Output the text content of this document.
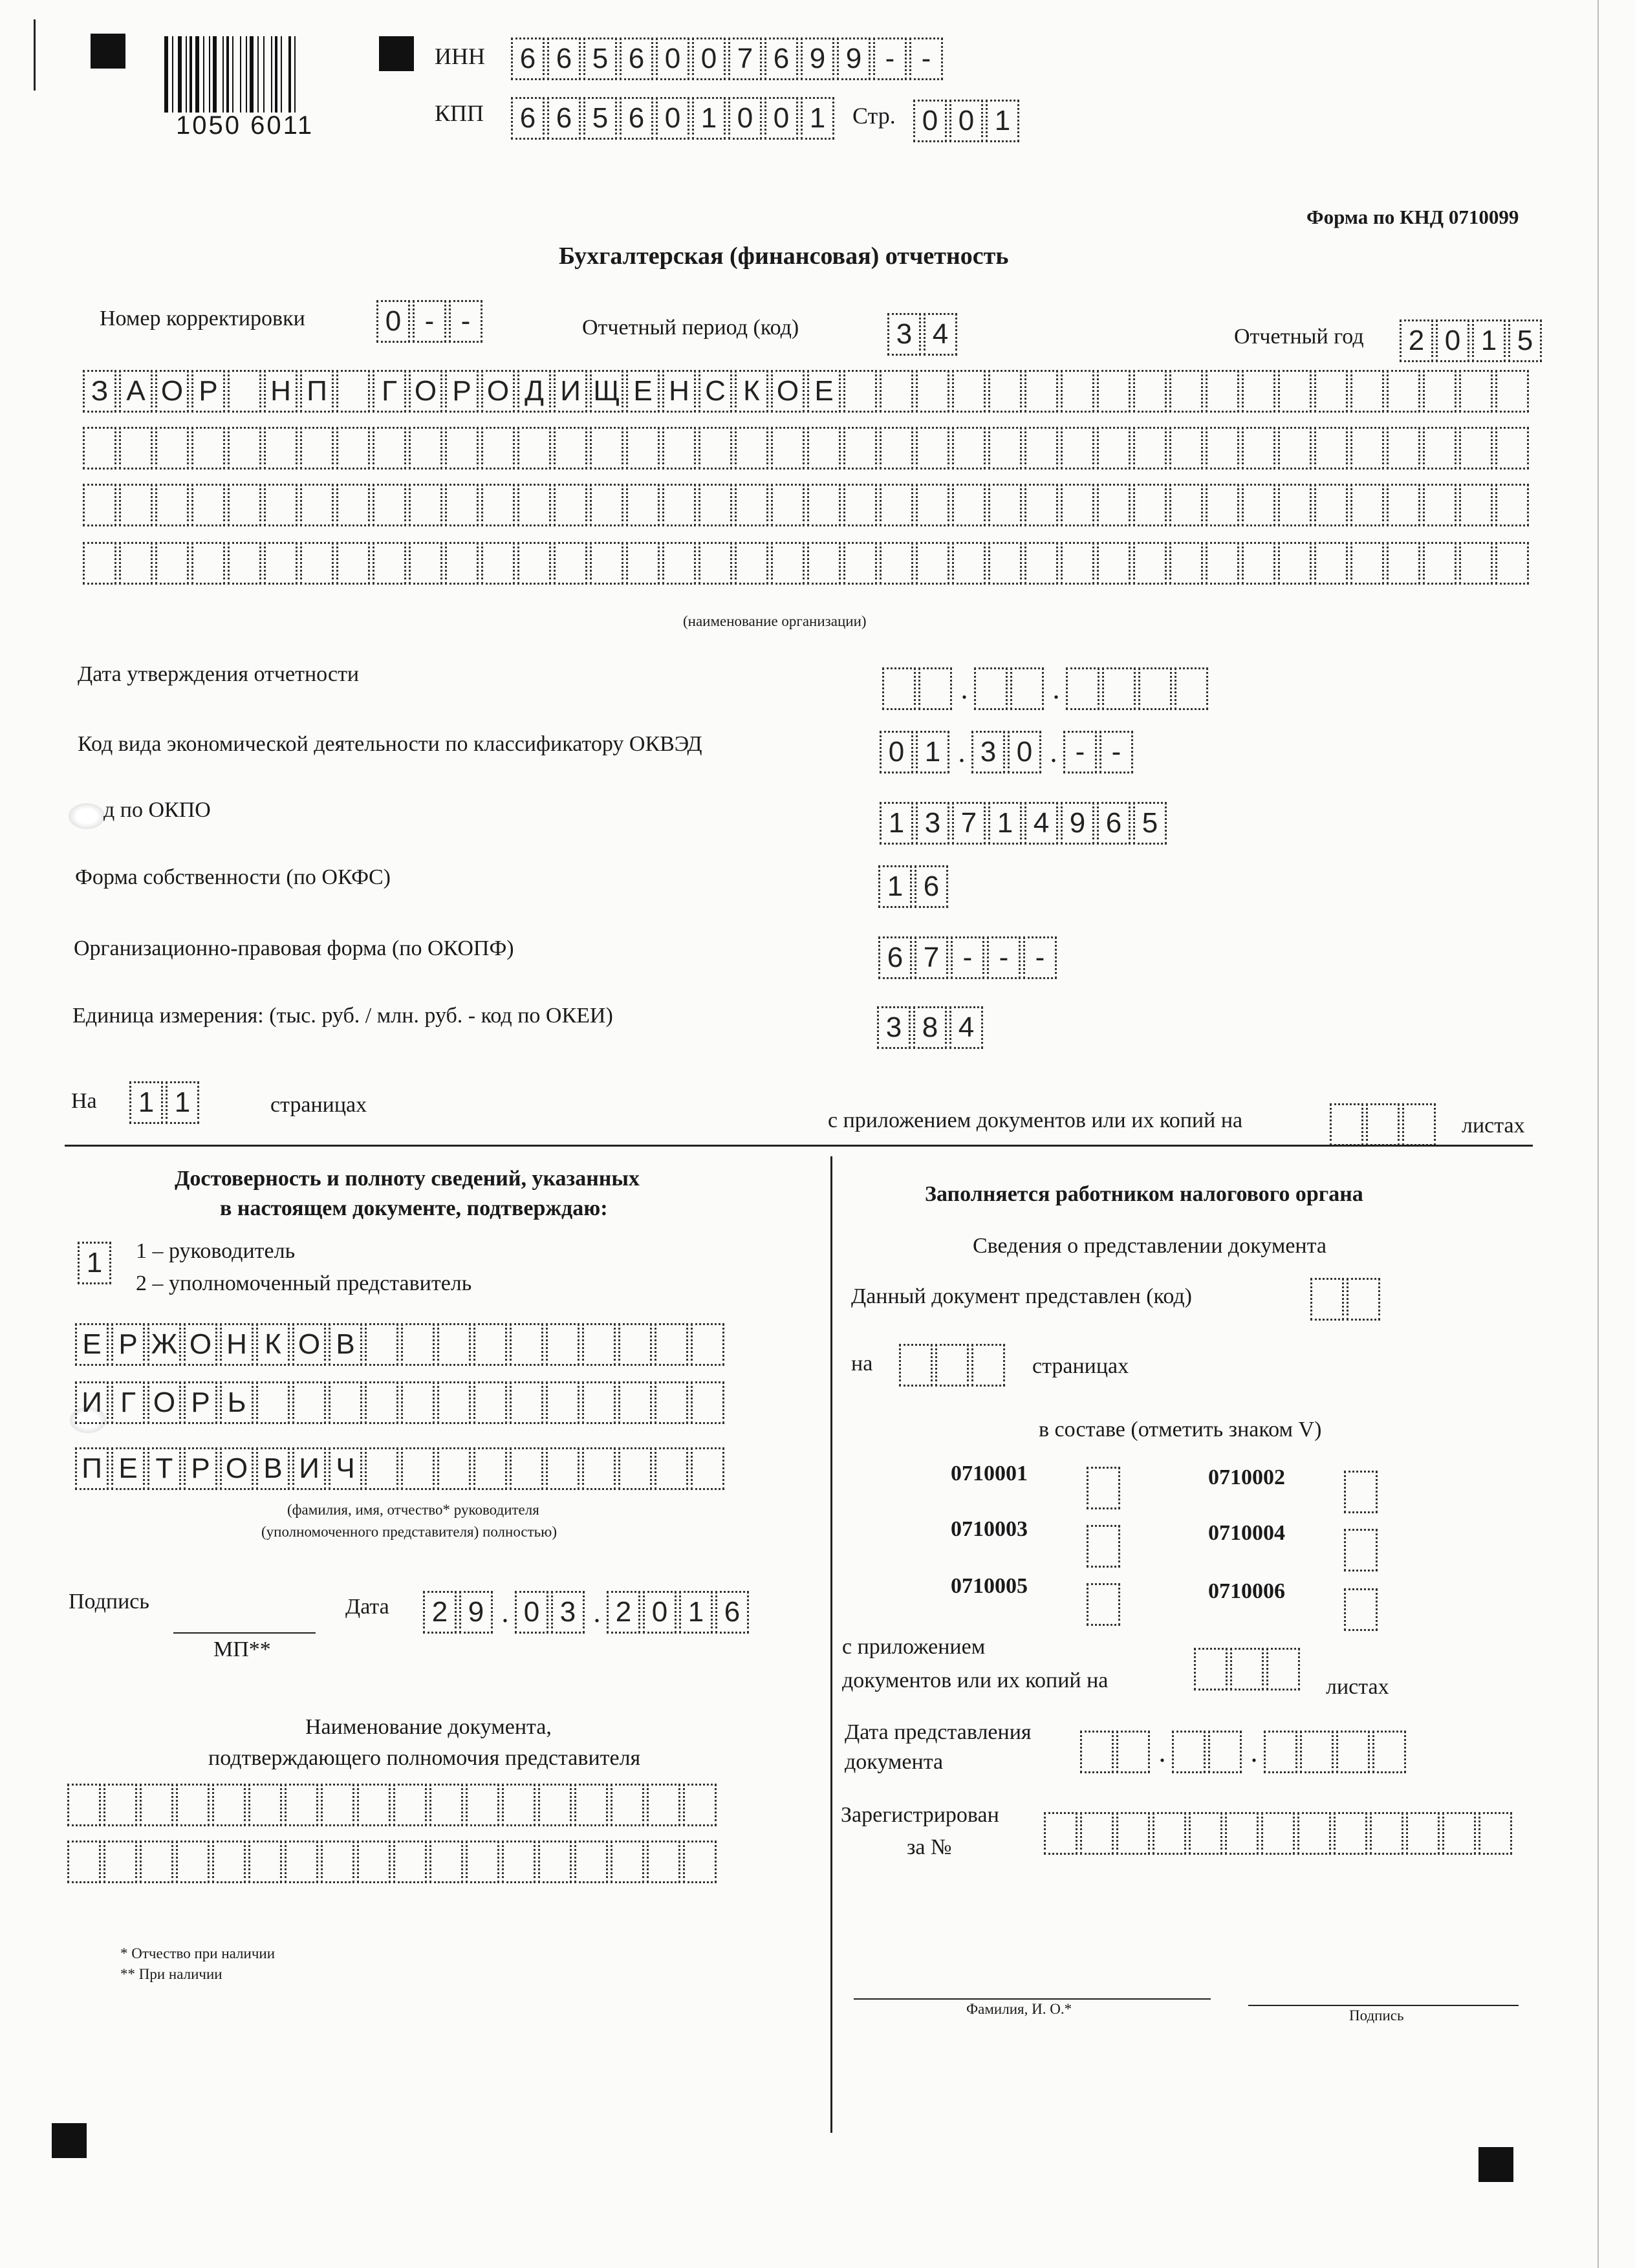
1050 6011
ИНН	6 6 5 6 0 0 7 6 9 9 - -
КПП	6 6 5 6 0 1 0 0 1	Стр. 0 0 1
Форма по КНД 0710099
Бухгалтерская (финансовая) отчетность
Номер корректировки	0 - -	Отчетный период (код)	3 4	Отчетный год	2 0 1 5
З А О Р Н П	Г О Р О Д И Щ Е Н С К О Е
(наименование организации)
Дата утверждения отчетности	.	.
Код вида экономической деятельности по классификатору ОКВЭД	0 1 . 3 0 . - -
д по ОКПО	1 3 7 1 4 9 6 5
Форма собственности (по ОКФС)	1 6
Организационно-правовая форма (по ОКОПФ)	6 7 - - -
Единица измерения: (тыс. руб. / млн. руб. - код по ОКЕИ)	3 8 4
На	1 1	страницах
с приложением документов или их копий на	листах
Достоверность и полноту сведений, указанных
в настоящем документе, подтверждаю:
1	1 – руководитель
2 – уполномоченный представитель
Е Р Ж О Н К О В
И Г О Р Ь
П Е Т Р О В И Ч
(фамилия, имя, отчество* руководителя
(уполномоченного представителя) полностью)
Подпись	Дата	2 9 . 0 3 . 2 0 1 6
МП**
Наименование документа,
подтверждающего полномочия представителя
* Отчество при наличии
** При наличии
Заполняется работником налогового органа
Сведения о представлении документа
Данный документ представлен (код)
на	страницах
в составе (отметить знаком V)
0710001	0710002
0710003	0710004
0710005	0710006
с приложением
документов или их копий на	листах
Дата представления
документа	.	.
Зарегистрирован
за №
Фамилия, И. О.*	Подпись
